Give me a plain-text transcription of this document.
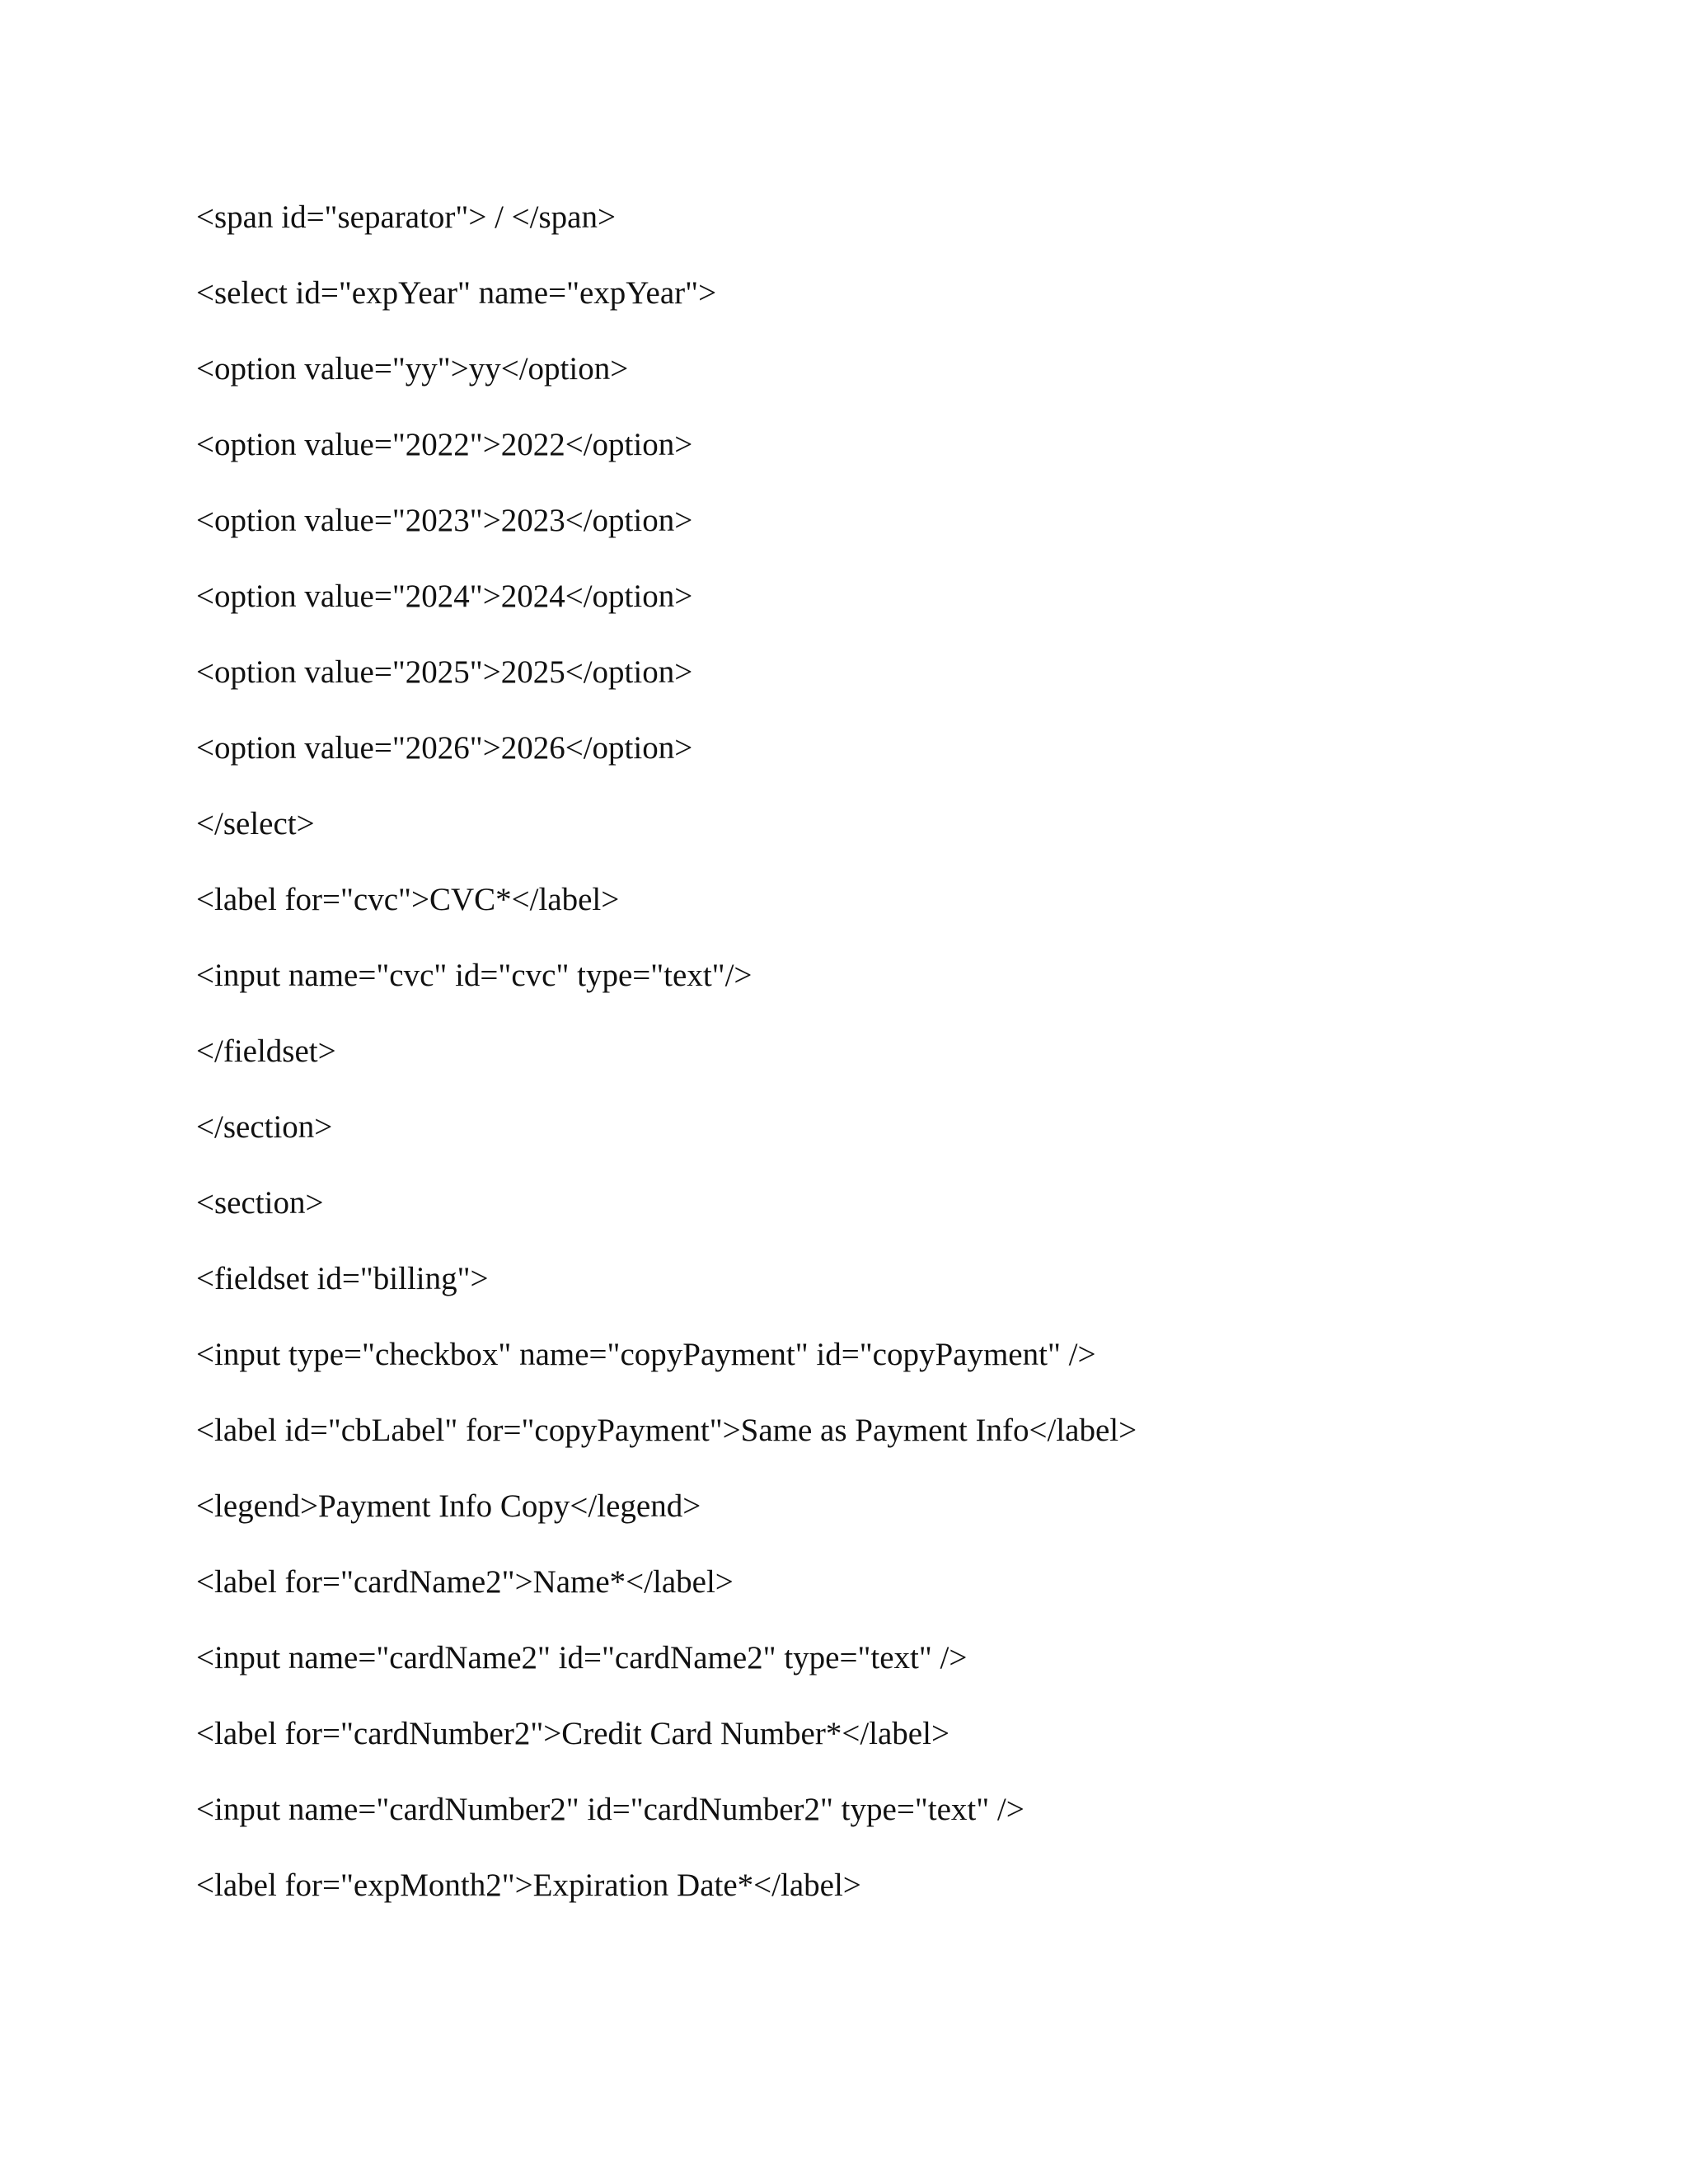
<span id="separator"> / </span>
<select id="expYear" name="expYear">
<option value="yy">yy</option>
<option value="2022">2022</option>
<option value="2023">2023</option>
<option value="2024">2024</option>
<option value="2025">2025</option>
<option value="2026">2026</option>
</select>
<label for="cvc">CVC*</label>
<input name="cvc" id="cvc" type="text"/>
</fieldset>
</section>
<section>
<fieldset id="billing">
<input type="checkbox" name="copyPayment" id="copyPayment" />
<label id="cbLabel" for="copyPayment">Same as Payment Info</label>
<legend>Payment Info Copy</legend>
<label for="cardName2">Name*</label>
<input name="cardName2" id="cardName2" type="text" />
<label for="cardNumber2">Credit Card Number*</label>
<input name="cardNumber2" id="cardNumber2" type="text" />
<label for="expMonth2">Expiration Date*</label>
